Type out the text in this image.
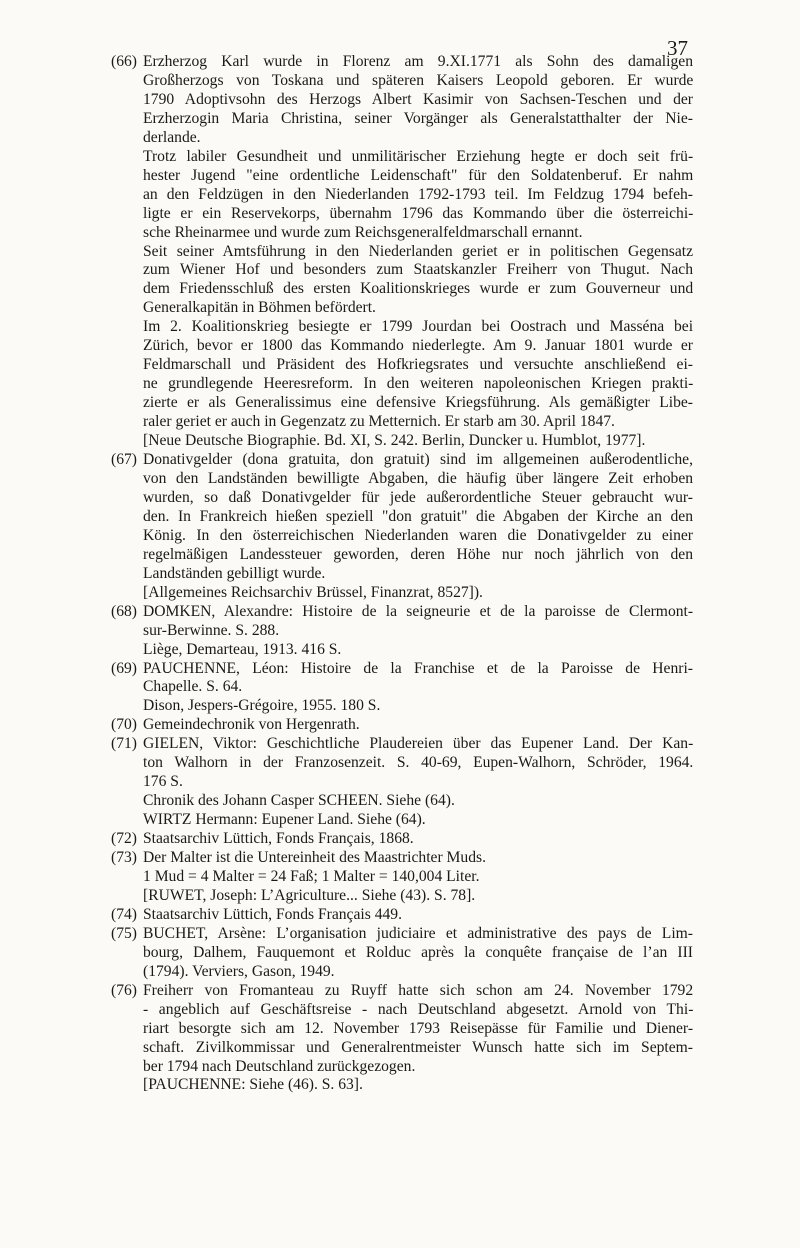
37
(66) Erzherzog Karl wurde in Florenz am 9.XI.1771 als Sohn des damaligen
Großherzogs von Toskana und späteren Kaisers Leopold geboren. Er wurde
1790 Adoptivsohn des Herzogs Albert Kasimir von Sachsen-Teschen und der
Erzherzogin Maria Christina, seiner Vorgänger als Generalstatthalter der Nie-
derlande.
Trotz labiler Gesundheit und unmilitärischer Erziehung hegte er doch seit frü-
hester Jugend "eine ordentliche Leidenschaft" für den Soldatenberuf. Er nahm
an den Feldzügen in den Niederlanden 1792-1793 teil. Im Feldzug 1794 befeh-
ligte er ein Reservekorps, übernahm 1796 das Kommando über die österreichi-
sche Rheinarmee und wurde zum Reichsgeneralfeldmarschall ernannt.
Seit seiner Amtsführung in den Niederlanden geriet er in politischen Gegensatz
zum Wiener Hof und besonders zum Staatskanzler Freiherr von Thugut. Nach
dem Friedensschluß des ersten Koalitionskrieges wurde er zum Gouverneur und
Generalkapitän in Böhmen befördert.
Im 2. Koalitionskrieg besiegte er 1799 Jourdan bei Oostrach und Masséna bei
Zürich, bevor er 1800 das Kommando niederlegte. Am 9. Januar 1801 wurde er
Feldmarschall und Präsident des Hofkriegsrates und versuchte anschließend ei-
ne grundlegende Heeresreform. In den weiteren napoleonischen Kriegen prakti-
zierte er als Generalissimus eine defensive Kriegsführung. Als gemäßigter Libe-
raler geriet er auch in Gegenzatz zu Metternich. Er starb am 30. April 1847.
[Neue Deutsche Biographie. Bd. XI, S. 242. Berlin, Duncker u. Humblot, 1977].
(67) Donativgelder (dona gratuita, don gratuit) sind im allgemeinen außerodentliche,
von den Landständen bewilligte Abgaben, die häufig über längere Zeit erhoben
wurden, so daß Donativgelder für jede außerordentliche Steuer gebraucht wur-
den. In Frankreich hießen speziell "don gratuit" die Abgaben der Kirche an den
König. In den österreichischen Niederlanden waren die Donativgelder zu einer
regelmäßigen Landessteuer geworden, deren Höhe nur noch jährlich von den
Landständen gebilligt wurde.
[Allgemeines Reichsarchiv Brüssel, Finanzrat, 8527]).
(68) DOMKEN, Alexandre: Histoire de la seigneurie et de la paroisse de Clermont-
sur-Berwinne. S. 288.
Liège, Demarteau, 1913. 416 S.
(69) PAUCHENNE, Léon: Histoire de la Franchise et de la Paroisse de Henri-
Chapelle. S. 64.
Dison, Jespers-Grégoire, 1955. 180 S.
(70) Gemeindechronik von Hergenrath.
(71) GIELEN, Viktor: Geschichtliche Plaudereien über das Eupener Land. Der Kan-
ton Walhorn in der Franzosenzeit. S. 40-69, Eupen-Walhorn, Schröder, 1964.
176 S.
Chronik des Johann Casper SCHEEN. Siehe (64).
WIRTZ Hermann: Eupener Land. Siehe (64).
(72) Staatsarchiv Lüttich, Fonds Français, 1868.
(73) Der Malter ist die Untereinheit des Maastrichter Muds.
1 Mud = 4 Malter = 24 Faß; 1 Malter = 140,004 Liter.
[RUWET, Joseph: L’Agriculture... Siehe (43). S. 78].
(74) Staatsarchiv Lüttich, Fonds Français 449.
(75) BUCHET, Arsène: L’organisation judiciaire et administrative des pays de Lim-
bourg, Dalhem, Fauquemont et Rolduc après la conquête française de l’an III
(1794). Verviers, Gason, 1949.
(76) Freiherr von Fromanteau zu Ruyff hatte sich schon am 24. November 1792
- angeblich auf Geschäftsreise - nach Deutschland abgesetzt. Arnold von Thi-
riart besorgte sich am 12. November 1793 Reisepässe für Familie und Diener-
schaft. Zivilkommissar und Generalrentmeister Wunsch hatte sich im Septem-
ber 1794 nach Deutschland zurückgezogen.
[PAUCHENNE: Siehe (46). S. 63].
